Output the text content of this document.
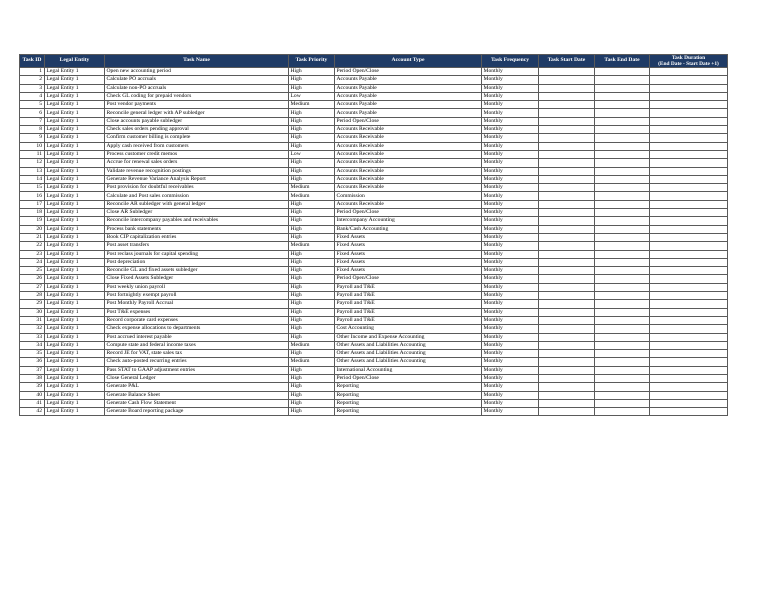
Task ID	Legal Entity	Task Name	Task Priority	Account Type	Task Frequency	Task Start Date	Task End Date	Task Duration
(End Date - Start Date +1)

1	Legal Entity 1	Open new accounting period	High	Period Open/Close	Monthly			
2	Legal Entity 1	Calculate PO accruals	High	Accounts Payable	Monthly			
3	Legal Entity 1	Calculate non-PO accruals	High	Accounts Payable	Monthly			
4	Legal Entity 1	Check GL coding for prepaid vendors	Low	Accounts Payable	Monthly			
5	Legal Entity 1	Post vendor payments	Medium	Accounts Payable	Monthly			
6	Legal Entity 1	Reconcile general ledger with AP subledger	High	Accounts Payable	Monthly			
7	Legal Entity 1	Close accounts payable subledger	High	Period Open/Close	Monthly			
8	Legal Entity 1	Check sales orders pending approval	High	Accounts Receivable	Monthly			
9	Legal Entity 1	Confirm customer billing is complete	High	Accounts Receivable	Monthly			
10	Legal Entity 1	Apply cash received from customers	High	Accounts Receivable	Monthly			
11	Legal Entity 1	Process customer credit memos	Low	Accounts Receivable	Monthly			
12	Legal Entity 1	Accrue for renewal sales orders	High	Accounts Receivable	Monthly			
13	Legal Entity 1	Validate revenue recognition postings	High	Accounts Receivable	Monthly			
14	Legal Entity 1	Generate Revenue Variance Analysis Report	High	Accounts Receivable	Monthly			
15	Legal Entity 1	Post provision for doubtful receivables	Medium	Accounts Receivable	Monthly			
16	Legal Entity 1	Calculate and Post sales commission	Medium	Commission	Monthly			
17	Legal Entity 1	Reconcile AR subledger with general ledger	High	Accounts Receivable	Monthly			
18	Legal Entity 1	Close AR Subledger	High	Period Open/Close	Monthly			
19	Legal Entity 1	Reconcile intercompany payables and receivables	High	Intercompany Accounting	Monthly			
20	Legal Entity 1	Process bank statements	High	Bank/Cash Accounting	Monthly			
21	Legal Entity 1	Book CIP capitalization entries	High	Fixed Assets	Monthly			
22	Legal Entity 1	Post asset transfers	Medium	Fixed Assets	Monthly			
23	Legal Entity 1	Post reclass journals for capital spending	High	Fixed Assets	Monthly			
24	Legal Entity 1	Post depreciation	High	Fixed Assets	Monthly			
25	Legal Entity 1	Reconcile GL and fixed assets subledger	High	Fixed Assets	Monthly			
26	Legal Entity 1	Close Fixed Assets Subledger	High	Period Open/Close	Monthly			
27	Legal Entity 1	Post weekly union payroll	High	Payroll and T&E	Monthly			
28	Legal Entity 1	Post fortnightly exempt payroll	High	Payroll and T&E	Monthly			
29	Legal Entity 1	Post Monthly Payroll Accrual	High	Payroll and T&E	Monthly			
30	Legal Entity 1	Post T&E expenses	High	Payroll and T&E	Monthly			
31	Legal Entity 1	Record corporate card expenses	High	Payroll and T&E	Monthly			
32	Legal Entity 1	Check expense allocations to departments	High	Cost Accounting	Monthly			
33	Legal Entity 1	Post accrued interest payable	High	Other Income and Expense Accounting	Monthly			
34	Legal Entity 1	Compute state and federal income taxes	Medium	Other Assets and Liabilities Accounting	Monthly			
35	Legal Entity 1	Record JE for VAT, state sales tax	High	Other Assets and Liabilities Accounting	Monthly			
36	Legal Entity 1	Check auto-posted recurring entries	Medium	Other Assets and Liabilities Accounting	Monthly			
37	Legal Entity 1	Pass STAT to GAAP adjustment entries	High	International Accounting	Monthly			
38	Legal Entity 1	Close General Ledger	High	Period Open/Close	Monthly			
39	Legal Entity 1	Generate P&L	High	Reporting	Monthly			
40	Legal Entity 1	Generate Balance Sheet	High	Reporting	Monthly			
41	Legal Entity 1	Generate Cash Flow Statement	High	Reporting	Monthly			
42	Legal Entity 1	Generate Board reporting package	High	Reporting	Monthly			
